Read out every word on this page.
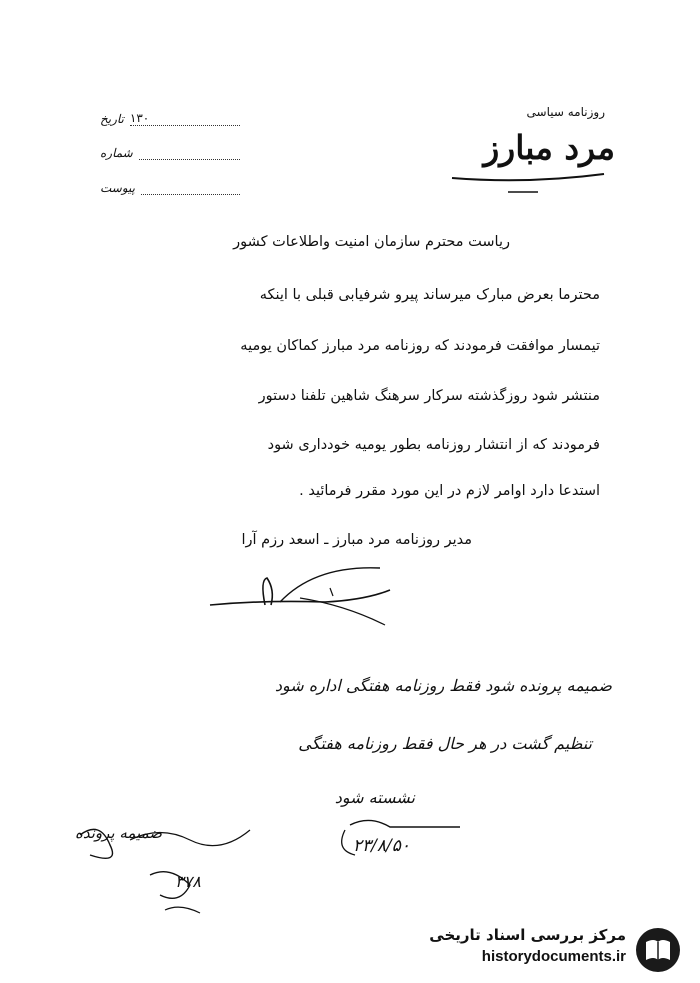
روزنامه سیاسی
مرد مبارز
تاریخ ۱۳۰
شماره
پیوست
ریاست محترم سازمان امنیت واطلاعات کشور
محترما بعرض مبارک میرساند پیرو شرفیابی قبلی با اینکه
تیمسار موافقت فرمودند که روزنامه مرد مبارز کماکان یومیه
منتشر شود روزگذشته سرکار سرهنگ شاهین تلفنا دستور
فرمودند که از انتشار روزنامه بطور یومیه خودداری شود
استدعا دارد اوامر لازم در این مورد مقرر فرمائید .
مدیر روزنامه مرد مبارز ـ اسعد رزم آرا
ضمیمه پرونده شود فقط روزنامه هفتگی اداره شود
تنظیم گشت در هر حال فقط روزنامه هفتگی
نشسته شود
۲۳/۸/۵۰
ضمیمه پرونده
۳۷۸
مرکز بررسی اسناد تاریخی
historydocuments.ir
